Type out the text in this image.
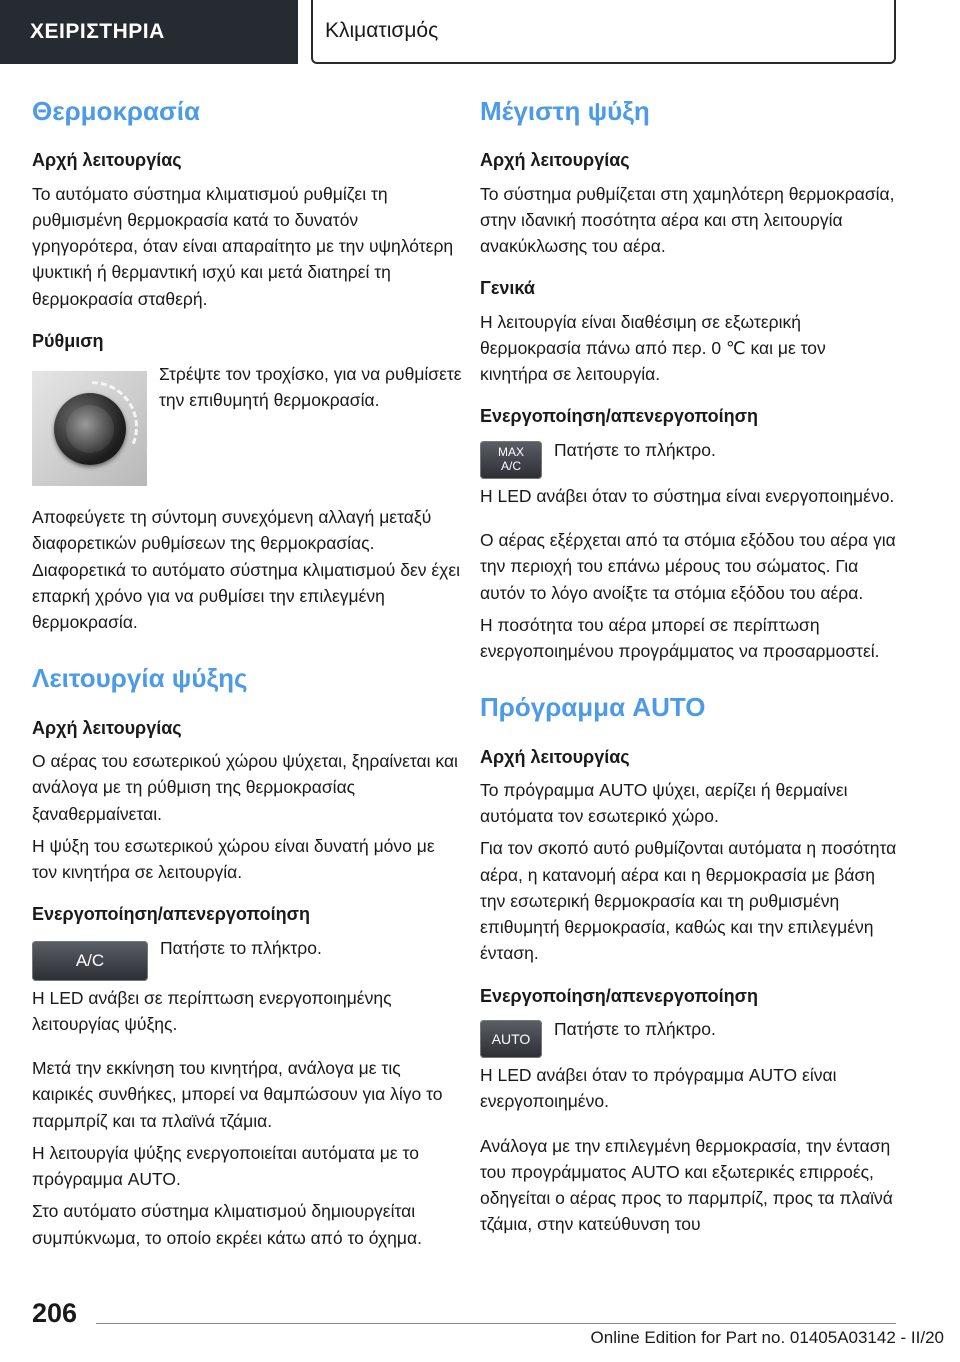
ΧΕΙΡΙΣΤΗΡΙΑ	Κλιματισμός
Θερμοκρασία
Αρχή λειτουργίας

Το αυτόματο σύστημα κλιματισμού ρυθμίζει τη ρυθμισμένη θερμοκρασία κατά το δυνατόν γρηγορότερα, όταν είναι απαραίτητο με την υψηλότερη ψυκτική ή θερμαντική ισχύ και μετά διατηρεί τη θερμοκρασία σταθερή.

Ρύθμιση

Στρέψτε τον τροχίσκο, για να ρυθμίσετε την επιθυμητή θερμοκρασία.

Αποφεύγετε τη σύντομη συνεχόμενη αλλαγή μεταξύ διαφορετικών ρυθμίσεων της θερμοκρασίας. Διαφορετικά το αυτόματο σύστημα κλιματισμού δεν έχει επαρκή χρόνο για να ρυθμίσει την επιλεγμένη θερμοκρασία.

Λειτουργία ψύξης
Αρχή λειτουργίας

Ο αέρας του εσωτερικού χώρου ψύχεται, ξηραίνεται και ανάλογα με τη ρύθμιση της θερμοκρασίας ξαναθερμαίνεται.

Η ψύξη του εσωτερικού χώρου είναι δυνατή μόνο με τον κινητήρα σε λειτουργία.

Ενεργοποίηση/απενεργοποίηση
A/C

Πατήστε το πλήκτρο.

Η LED ανάβει σε περίπτωση ενεργοποιημένης λειτουργίας ψύξης.

Μετά την εκκίνηση του κινητήρα, ανάλογα με τις καιρικές συνθήκες, μπορεί να θαμπώσουν για λίγο το παρμπρίζ και τα πλαϊνά τζάμια.

Η λειτουργία ψύξης ενεργοποιείται αυτόματα με το πρόγραμμα AUTO.

Στο αυτόματο σύστημα κλιματισμού δημιουργείται συμπύκνωμα, το οποίο εκρέει κάτω από το όχημα.

Μέγιστη ψύξη
Αρχή λειτουργίας

Το σύστημα ρυθμίζεται στη χαμηλότερη θερμοκρασία, στην ιδανική ποσότητα αέρα και στη λειτουργία ανακύκλωσης του αέρα.

Γενικά

Η λειτουργία είναι διαθέσιμη σε εξωτερική θερμοκρασία πάνω από περ. 0 ℃ και με τον κινητήρα σε λειτουργία.

Ενεργοποίηση/απενεργοποίηση
MAX
A/C

Πατήστε το πλήκτρο.

Η LED ανάβει όταν το σύστημα είναι ενεργοποιημένο.

Ο αέρας εξέρχεται από τα στόμια εξόδου του αέρα για την περιοχή του επάνω μέρους του σώματος. Για αυτόν το λόγο ανοίξτε τα στόμια εξόδου του αέρα.

Η ποσότητα του αέρα μπορεί σε περίπτωση ενεργοποιημένου προγράμματος να προσαρμοστεί.

Πρόγραμμα AUTO
Αρχή λειτουργίας

Το πρόγραμμα AUTO ψύχει, αερίζει ή θερμαίνει αυτόματα τον εσωτερικό χώρο.

Για τον σκοπό αυτό ρυθμίζονται αυτόματα η ποσότητα αέρα, η κατανομή αέρα και η θερμοκρασία με βάση την εσωτερική θερμοκρασία και τη ρυθμισμένη επιθυμητή θερμοκρασία, καθώς και την επιλεγμένη ένταση.

Ενεργοποίηση/απενεργοποίηση
AUTO	Πατήστε το πλήκτρο.

Η LED ανάβει όταν το πρόγραμμα AUTO είναι ενεργοποιημένο.

Ανάλογα με την επιλεγμένη θερμοκρασία, την ένταση του προγράμματος AUTO και εξωτερικές επιρροές, οδηγείται ο αέρας προς το παρμπρίζ, προς τα πλαϊνά τζάμια, στην κατεύθυνση του

206
Online Edition for Part no. 01405A03142 - II/20
